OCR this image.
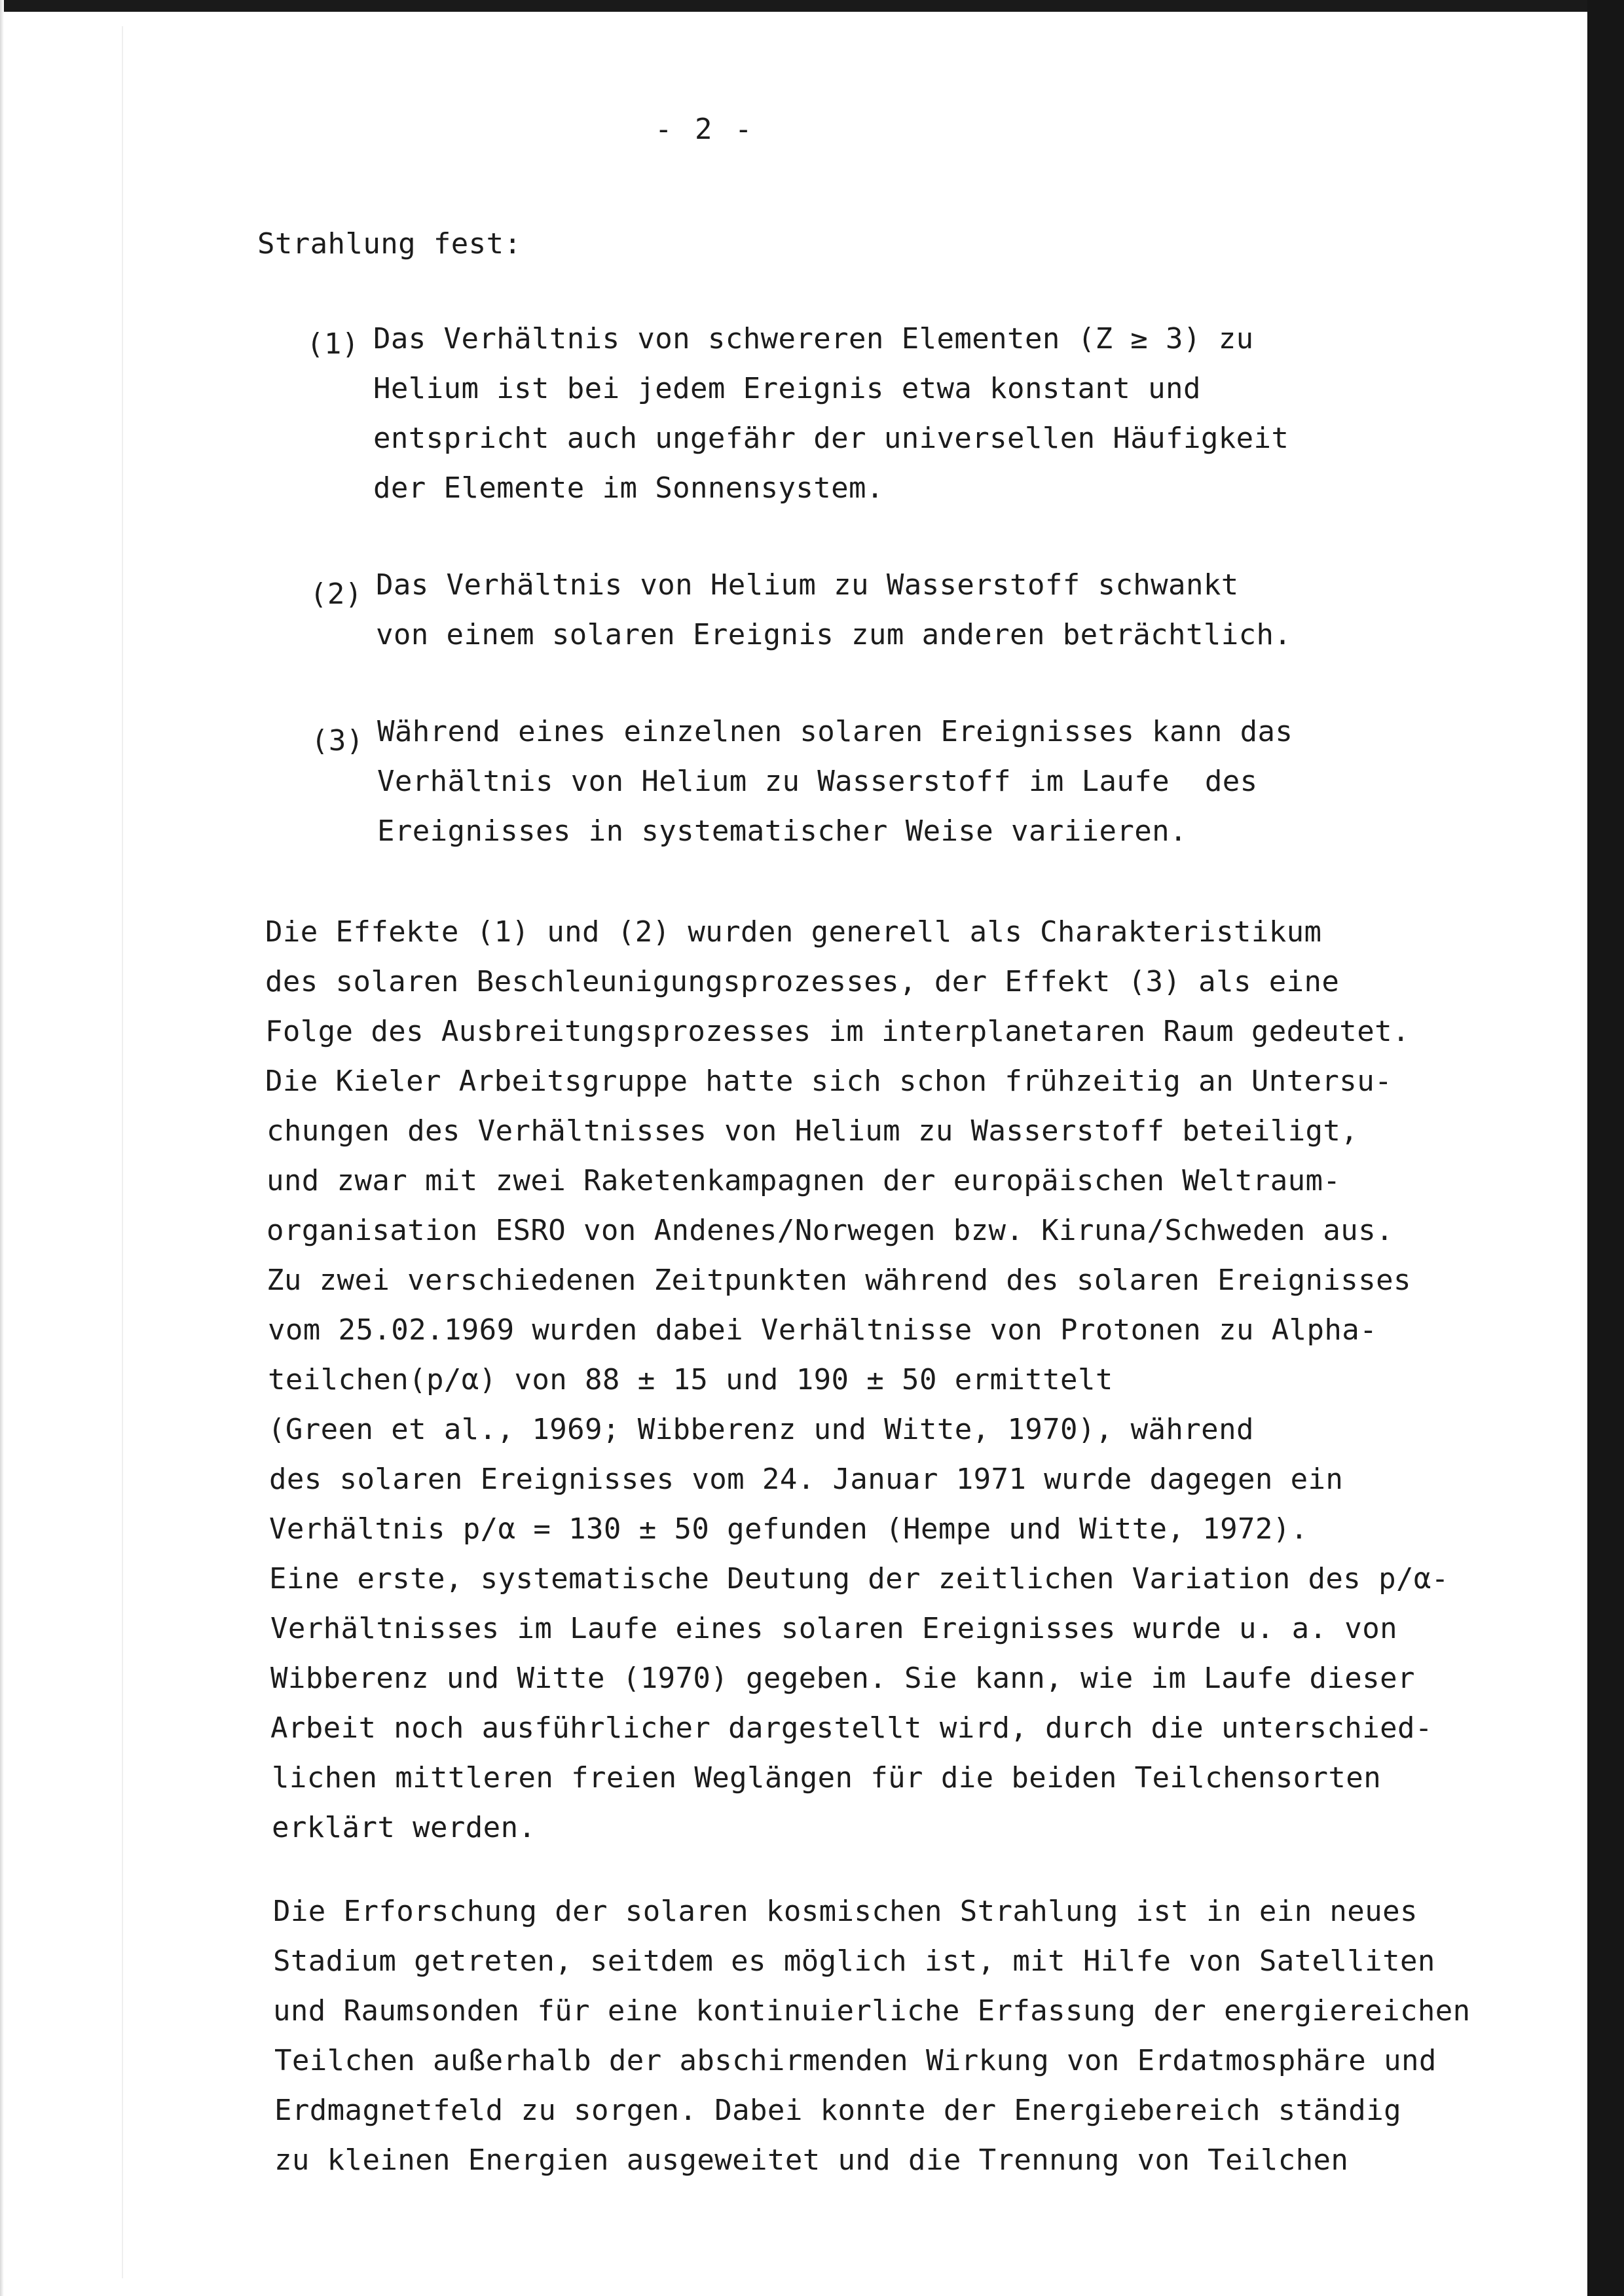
- 2 -
Strahlung fest:
(1) Das Verhältnis von schwereren Elementen (Z ≥ 3) zu
Helium ist bei jedem Ereignis etwa konstant und
entspricht auch ungefähr der universellen Häufigkeit
der Elemente im Sonnensystem.
(2) Das Verhältnis von Helium zu Wasserstoff schwankt
von einem solaren Ereignis zum anderen beträchtlich.
(3) Während eines einzelnen solaren Ereignisses kann das
Verhältnis von Helium zu Wasserstoff im Laufe  des
Ereignisses in systematischer Weise variieren.
Die Effekte (1) und (2) wurden generell als Charakteristikum
des solaren Beschleunigungsprozesses, der Effekt (3) als eine
Folge des Ausbreitungsprozesses im interplanetaren Raum gedeutet.
Die Kieler Arbeitsgruppe hatte sich schon frühzeitig an Untersu-
chungen des Verhältnisses von Helium zu Wasserstoff beteiligt,
und zwar mit zwei Raketenkampagnen der europäischen Weltraum-
organisation ESRO von Andenes/Norwegen bzw. Kiruna/Schweden aus.
Zu zwei verschiedenen Zeitpunkten während des solaren Ereignisses
vom 25.02.1969 wurden dabei Verhältnisse von Protonen zu Alpha-
teilchen(p/α) von 88 ± 15 und 190 ± 50 ermittelt
(Green et al., 1969; Wibberenz und Witte, 1970), während
des solaren Ereignisses vom 24. Januar 1971 wurde dagegen ein
Verhältnis p/α = 130 ± 50 gefunden (Hempe und Witte, 1972).
Eine erste, systematische Deutung der zeitlichen Variation des p/α-
Verhältnisses im Laufe eines solaren Ereignisses wurde u. a. von
Wibberenz und Witte (1970) gegeben. Sie kann, wie im Laufe dieser
Arbeit noch ausführlicher dargestellt wird, durch die unterschied-
lichen mittleren freien Weglängen für die beiden Teilchensorten
erklärt werden.
Die Erforschung der solaren kosmischen Strahlung ist in ein neues
Stadium getreten, seitdem es möglich ist, mit Hilfe von Satelliten
und Raumsonden für eine kontinuierliche Erfassung der energiereichen
Teilchen außerhalb der abschirmenden Wirkung von Erdatmosphäre und
Erdmagnetfeld zu sorgen. Dabei konnte der Energiebereich ständig
zu kleinen Energien ausgeweitet und die Trennung von Teilchen
